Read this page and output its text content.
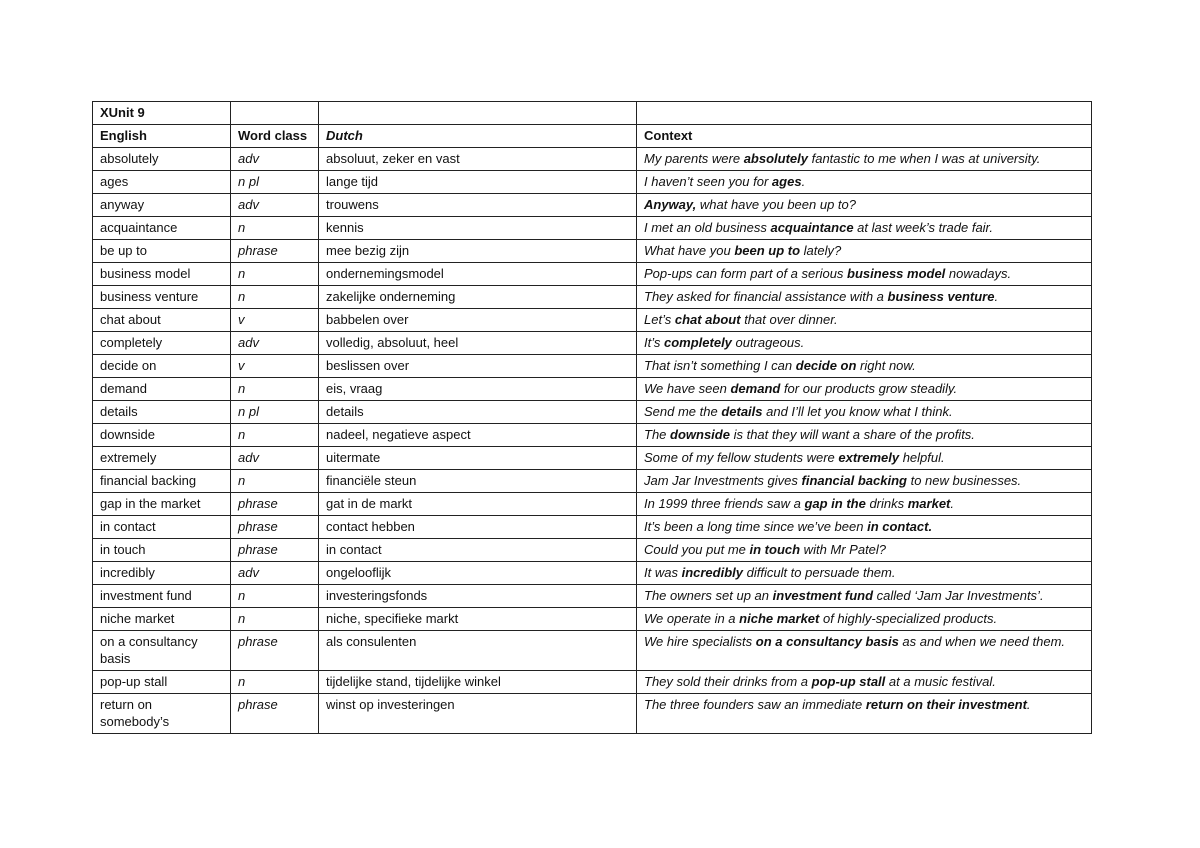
XUnit 9			
English	Word class	Dutch	Context
absolutely	adv	absoluut, zeker en vast	My parents were absolutely fantastic to me when I was at university.
ages	n pl	lange tijd	I haven’t seen you for ages.
anyway	adv	trouwens	Anyway, what have you been up to?
acquaintance	n	kennis	I met an old business acquaintance at last week’s trade fair.
be up to	phrase	mee bezig zijn	What have you been up to lately?
business model	n	ondernemingsmodel	Pop-ups can form part of a serious business model nowadays.
business venture	n	zakelijke onderneming	They asked for financial assistance with a business venture.
chat about	v	babbelen over	Let’s chat about that over dinner.
completely	adv	volledig, absoluut, heel	It’s completely outrageous.
decide on	v	beslissen over	That isn’t something I can decide on right now.
demand	n	eis, vraag	We have seen demand for our products grow steadily.
details	n pl	details	Send me the details and I’ll let you know what I think.
downside	n	nadeel, negatieve aspect	The downside is that they will want a share of the profits.
extremely	adv	uitermate	Some of my fellow students were extremely helpful.
financial backing	n	financiële steun	Jam Jar Investments gives financial backing to new businesses.
gap in the market	phrase	gat in de markt	In 1999 three friends saw a gap in the drinks market.
in contact	phrase	contact hebben	It’s been a long time since we’ve been in contact.
in touch	phrase	in contact	Could you put me in touch with Mr Patel?
incredibly	adv	ongelooflijk	It was incredibly difficult to persuade them.
investment fund	n	investeringsfonds	The owners set up an investment fund called ‘Jam Jar Investments’.
niche market	n	niche, specifieke markt	We operate in a niche market of highly-specialized products.
on a consultancy basis	phrase	als consulenten	We hire specialists on a consultancy basis as and when we need them.
pop-up stall	n	tijdelijke stand, tijdelijke winkel	They sold their drinks from a pop-up stall at a music festival.
return on somebody’s	phrase	winst op investeringen	The three founders saw an immediate return on their investment.
